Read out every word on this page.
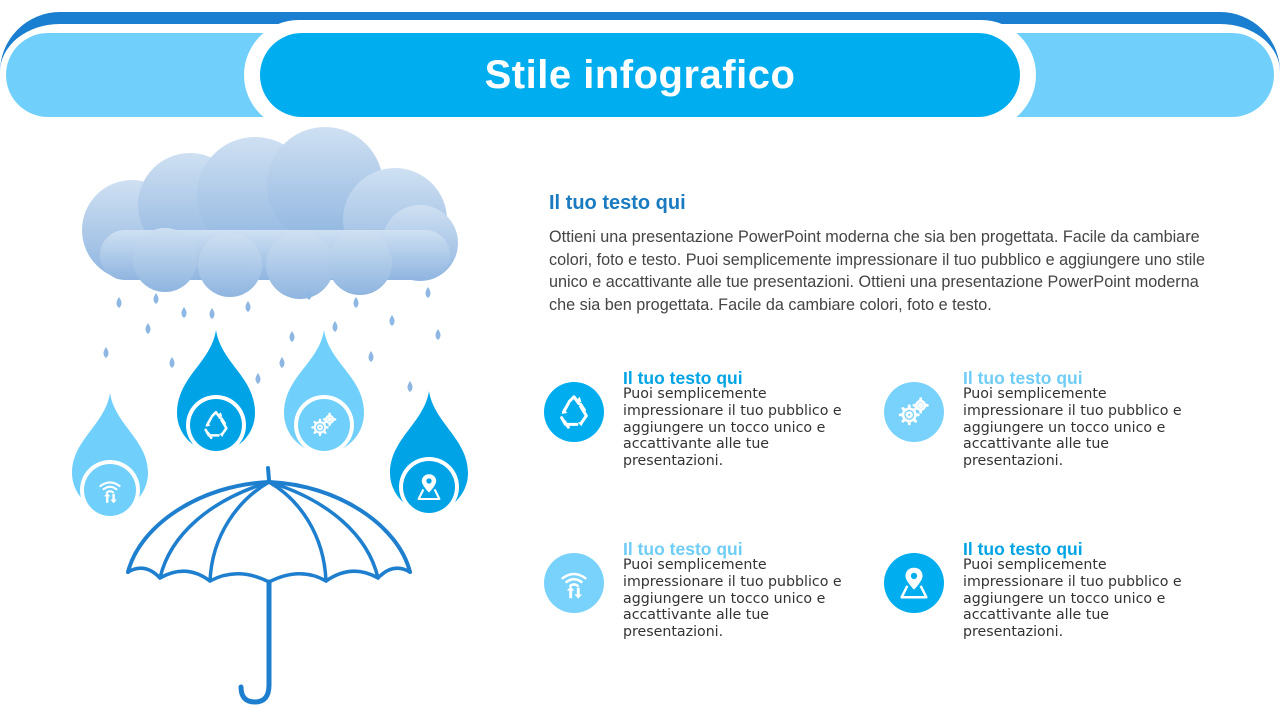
Stile infografico
Il tuo testo qui
Ottieni una presentazione PowerPoint moderna che sia ben progettata. Facile da cambiare colori, foto e testo. Puoi semplicemente impressionare il tuo pubblico e aggiungere uno stile unico e accattivante alle tue presentazioni. Ottieni una presentazione PowerPoint moderna che sia ben progettata. Facile da cambiare colori, foto e testo.
Il tuo testo qui
Puoi semplicemente impressionare il tuo pubblico e aggiungere un tocco unico e accattivante alle tue presentazioni.
Il tuo testo qui
Puoi semplicemente impressionare il tuo pubblico e aggiungere un tocco unico e accattivante alle tue presentazioni.
Il tuo testo qui
Puoi semplicemente impressionare il tuo pubblico e aggiungere un tocco unico e accattivante alle tue presentazioni.
Il tuo testo qui
Puoi semplicemente impressionare il tuo pubblico e aggiungere un tocco unico e accattivante alle tue presentazioni.
